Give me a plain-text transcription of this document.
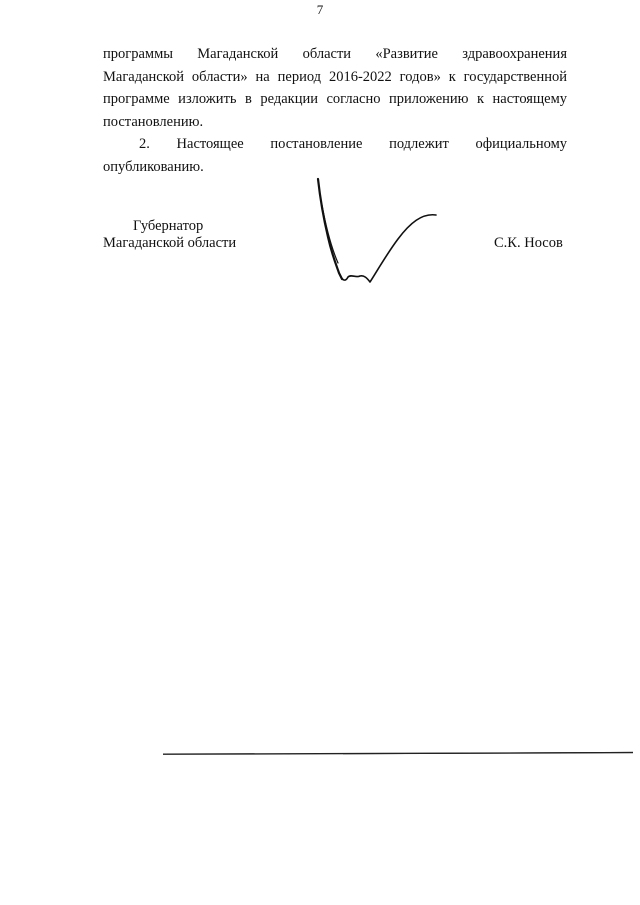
7
программы Магаданской области «Развитие здравоохранения
Магаданской области» на период 2016-2022 годов» к государственной
программе изложить в редакции согласно приложению к настоящему
постановлению.
2. Настоящее постановление подлежит официальному
опубликованию.
Губернатор
Магаданской области	С.К. Носов
